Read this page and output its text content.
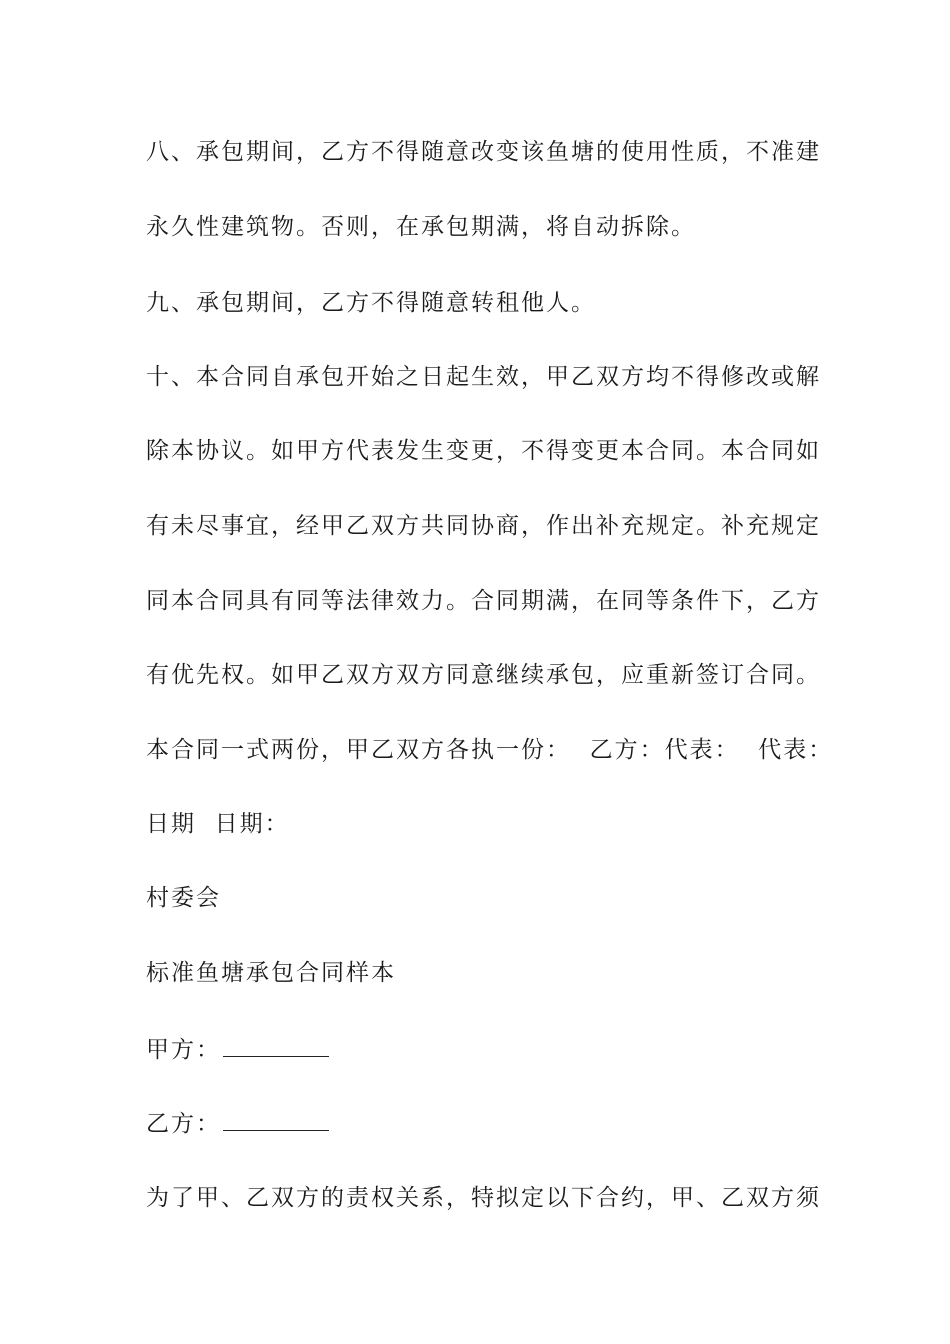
八、承包期间，乙方不得随意改变该鱼塘的使用性质，不准建
永久性建筑物。否则，在承包期满，将自动拆除。
九、承包期间，乙方不得随意转租他人。
十、本合同自承包开始之日起生效，甲乙双方均不得修改或解
除本协议。如甲方代表发生变更，不得变更本合同。本合同如
有未尽事宜，经甲乙双方共同协商，作出补充规定。补充规定
同本合同具有同等法律效力。合同期满，在同等条件下，乙方
有优先权。如甲乙双方双方同意继续承包，应重新签订合同。
本合同一式两份，甲乙双方各执一份：  乙方：代表：  代表：
日期  日期：
村委会
标准鱼塘承包合同样本
甲方：
乙方：
为了甲、乙双方的责权关系，特拟定以下合约，甲、乙双方须
